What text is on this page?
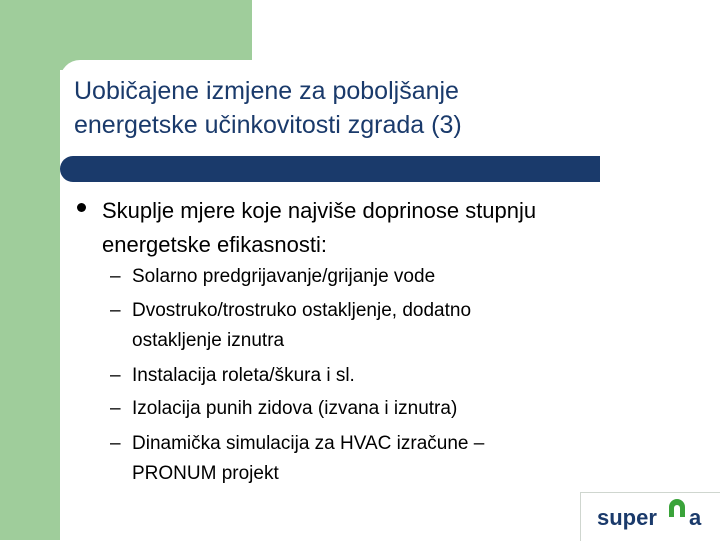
Uobičajene izmjene za poboljšanje
energetske učinkovitosti zgrada (3)

Skuplje mjere koje najviše doprinose stupnju
energetske efikasnosti:

– Solarno predgrijavanje/grijanje vode
– Dvostruko/trostruko ostakljenje, dodatno
ostakljenje iznutra
– Instalacija roleta/škura i sl.
– Izolacija punih zidova (izvana i iznutra)
– Dinamička simulacija za HVAC izračune –
PRONUM projekt
super a
